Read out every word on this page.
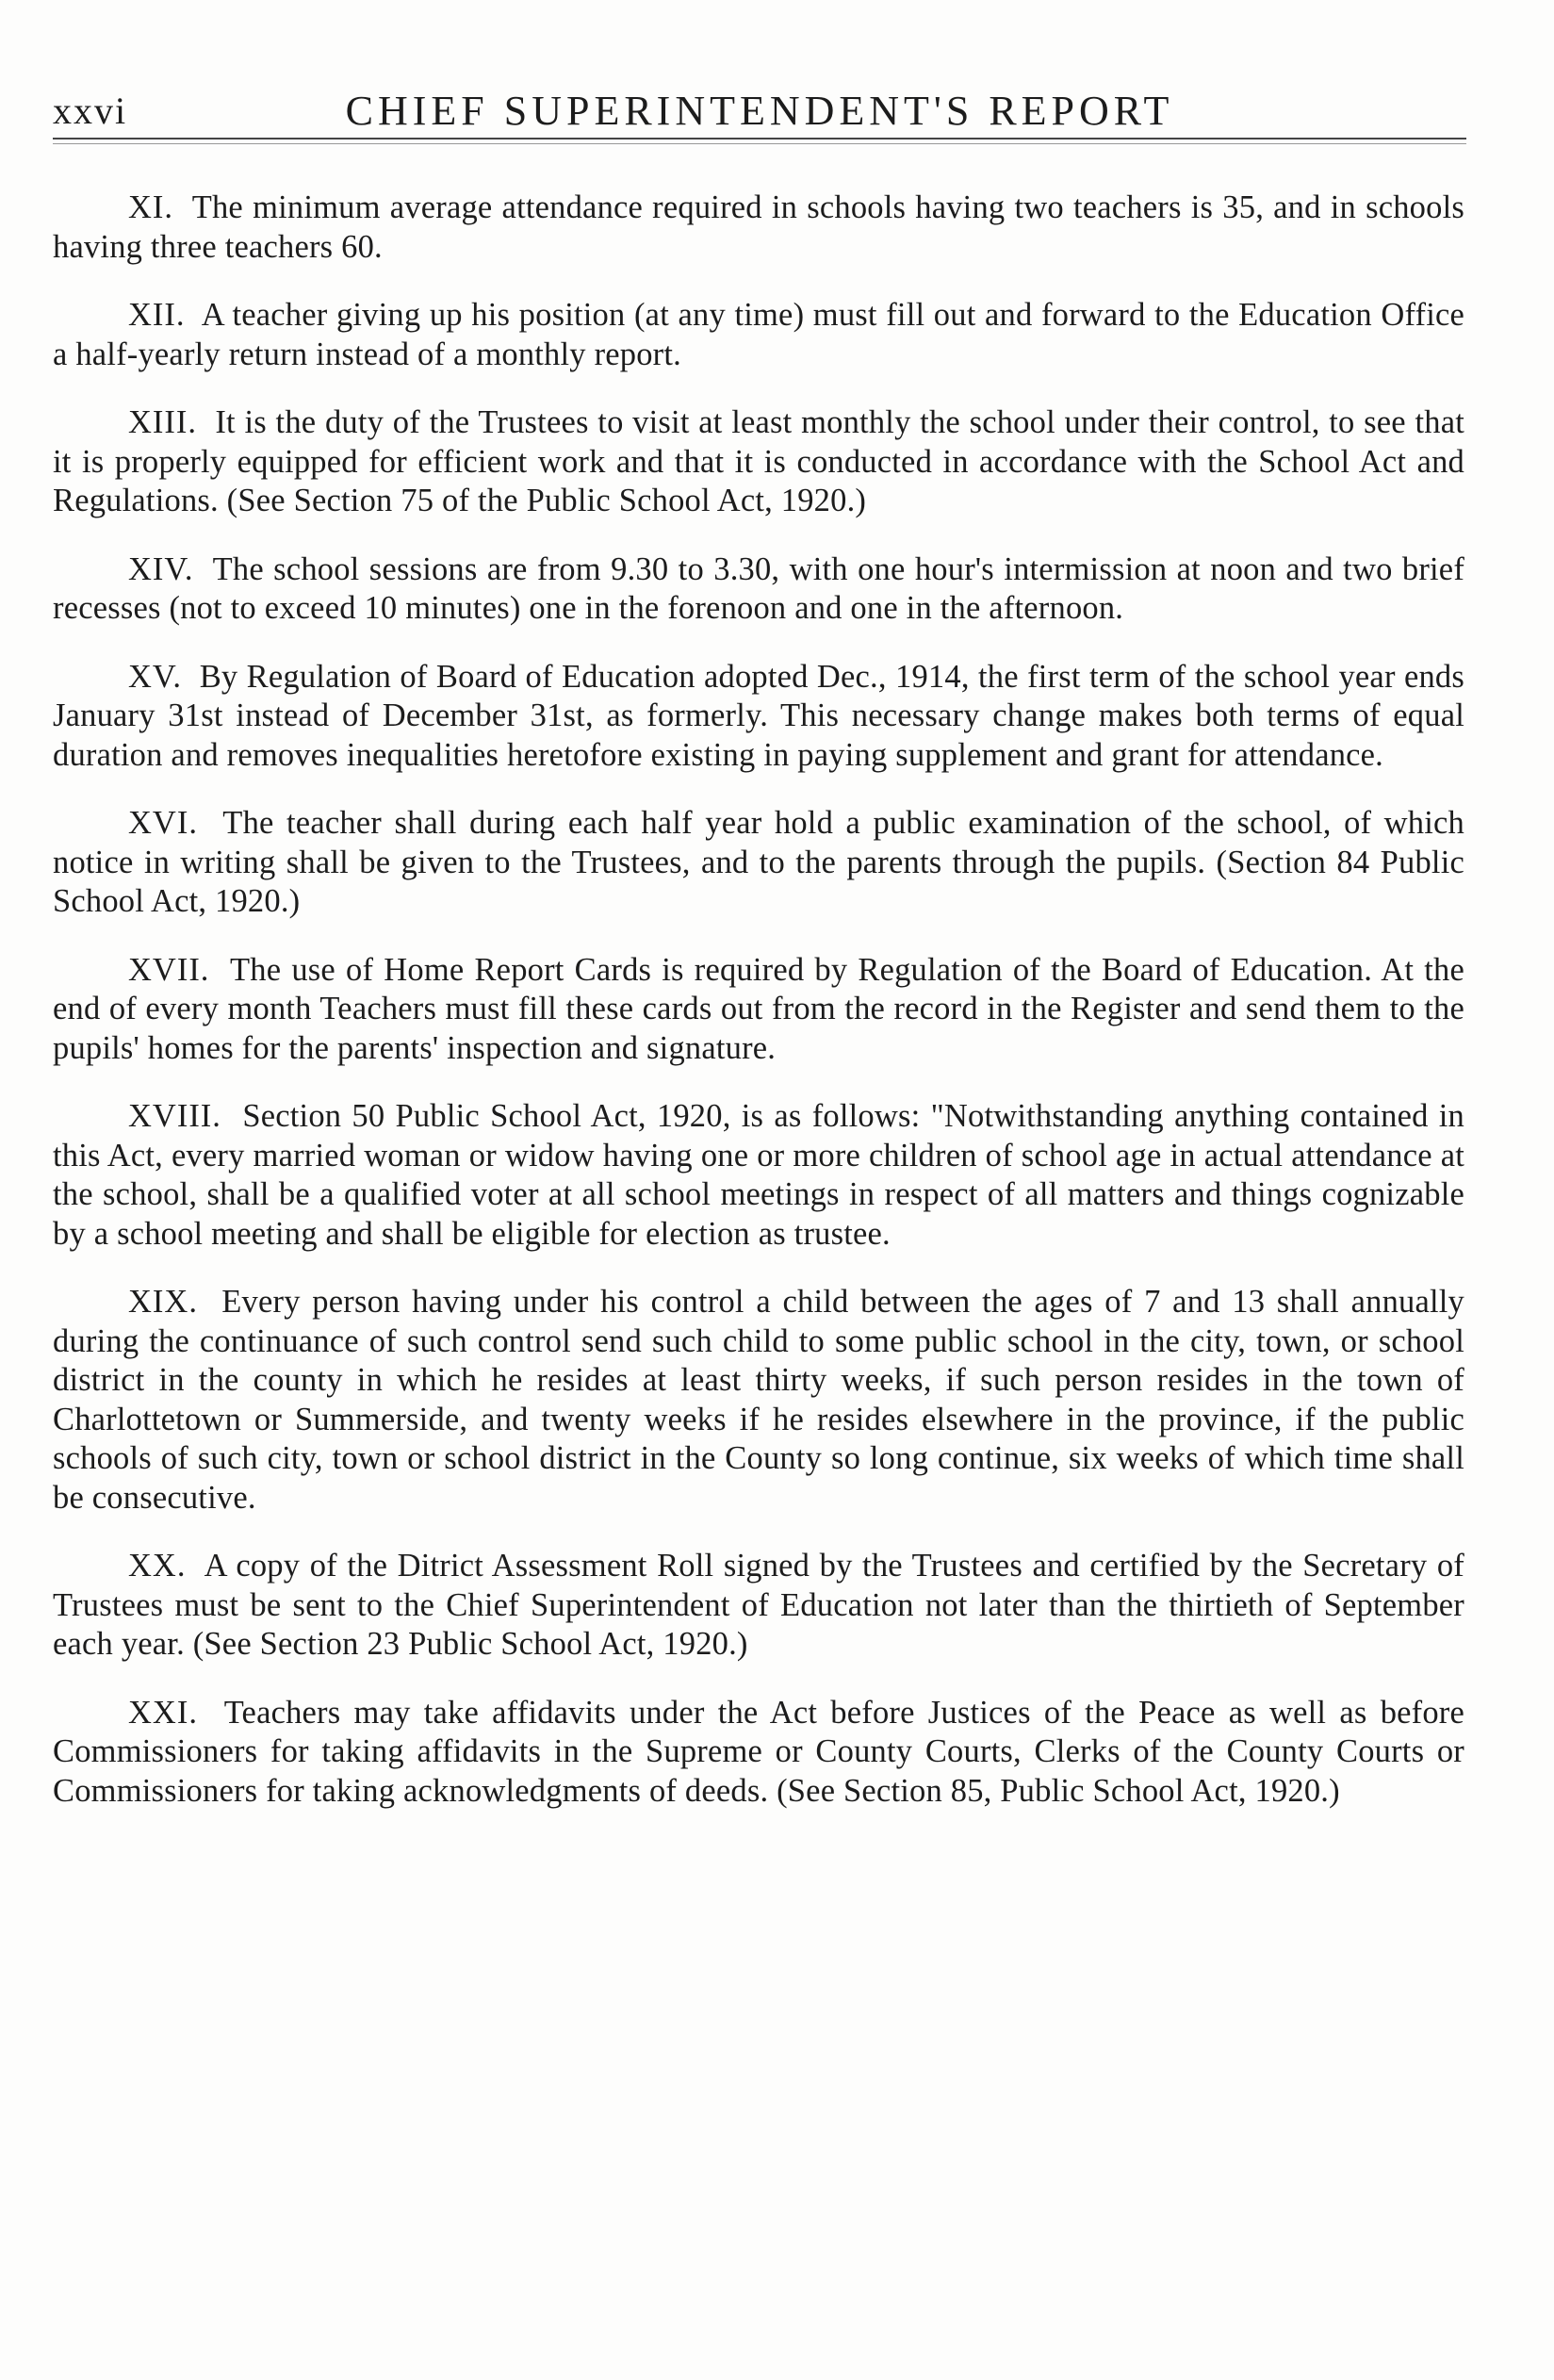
xxvi	CHIEF SUPERINTENDENT'S REPORT

XI. The minimum average attendance required in schools having two teachers is 35, and in schools having three teachers 60.

XII. A teacher giving up his position (at any time) must fill out and forward to the Education Office a half-yearly return instead of a monthly report.

XIII. It is the duty of the Trustees to visit at least monthly the school under their control, to see that it is properly equipped for efficient work and that it is conducted in accordance with the School Act and Regulations. (See Section 75 of the Public School Act, 1920.)

XIV. The school sessions are from 9.30 to 3.30, with one hour's intermission at noon and two brief recesses (not to exceed 10 minutes) one in the forenoon and one in the afternoon.

XV. By Regulation of Board of Education adopted Dec., 1914, the first term of the school year ends January 31st instead of December 31st, as formerly. This necessary change makes both terms of equal duration and removes inequalities heretofore existing in paying supplement and grant for attendance.

XVI. The teacher shall during each half year hold a public examination of the school, of which notice in writing shall be given to the Trustees, and to the parents through the pupils. (Section 84 Public School Act, 1920.)

XVII. The use of Home Report Cards is required by Regulation of the Board of Education. At the end of every month Teachers must fill these cards out from the record in the Register and send them to the pupils' homes for the parents' inspection and signature.

XVIII. Section 50 Public School Act, 1920, is as follows: "Notwithstanding anything contained in this Act, every married woman or widow having one or more children of school age in actual attendance at the school, shall be a qualified voter at all school meetings in respect of all matters and things cognizable by a school meeting and shall be eligible for election as trustee.

XIX. Every person having under his control a child between the ages of 7 and 13 shall annually during the continuance of such control send such child to some public school in the city, town, or school district in the county in which he resides at least thirty weeks, if such person resides in the town of Charlottetown or Summerside, and twenty weeks if he resides elsewhere in the province, if the public schools of such city, town or school district in the County so long continue, six weeks of which time shall be consecutive.

XX. A copy of the Ditrict Assessment Roll signed by the Trustees and certified by the Secretary of Trustees must be sent to the Chief Superintendent of Education not later than the thirtieth of September each year. (See Section 23 Public School Act, 1920.)

XXI. Teachers may take affidavits under the Act before Justices of the Peace as well as before Commissioners for taking affidavits in the Supreme or County Courts, Clerks of the County Courts or Commissioners for taking acknowledgments of deeds. (See Section 85, Public School Act, 1920.)
